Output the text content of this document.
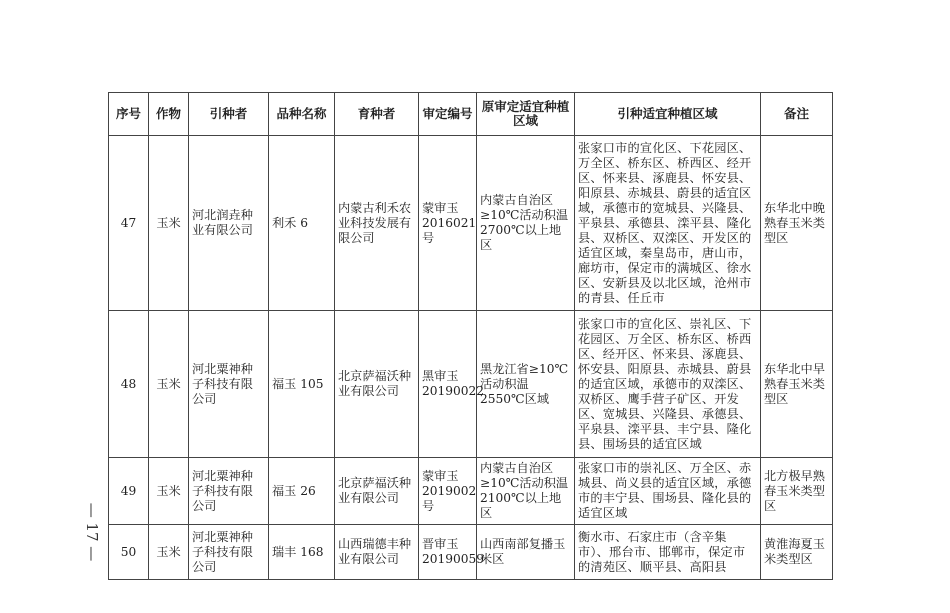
— 17 —
序号	作物	引种者	品种名称	育种者	审定编号	原审定适宜种植区域	引种适宜种植区域	备注
47	玉米	河北润垚种业有限公司	利禾 6	内蒙古利禾农业科技发展有限公司	蒙审玉2016021号	内蒙古自治区≥10℃活动积温2700℃以上地区	张家口市的宣化区、下花园区、万全区、桥东区、桥西区、经开区、怀来县、涿鹿县、怀安县、阳原县、赤城县、蔚县的适宜区域，承德市的宽城县、兴隆县、平泉县、承德县、滦平县、隆化县、双桥区、双滦区、开发区的适宜区域，秦皇岛市，唐山市，廊坊市，保定市的满城区、徐水区、安新县及以北区域，沧州市的青县、任丘市	东华北中晚熟春玉米类型区
48	玉米	河北粟神种子科技有限公司	福玉 105	北京萨福沃种业有限公司	黑审玉20190022	黑龙江省≥10℃活动积温2550℃区域	张家口市的宣化区、崇礼区、下花园区、万全区、桥东区、桥西区、经开区、怀来县、涿鹿县、怀安县、阳原县、赤城县、蔚县的适宜区域，承德市的双滦区、双桥区、鹰手营子矿区、开发区、宽城县、兴隆县、承德县、平泉县、滦平县、丰宁县、隆化县、围场县的适宜区域	东华北中早熟春玉米类型区
49	玉米	河北粟神种子科技有限公司	福玉 26	北京萨福沃种业有限公司	蒙审玉2019002号	内蒙古自治区≥10℃活动积温2100℃以上地区	张家口市的崇礼区、万全区、赤城县、尚义县的适宜区域，承德市的丰宁县、围场县、隆化县的适宜区域	北方极早熟春玉米类型区
50	玉米	河北粟神种子科技有限公司	瑞丰 168	山西瑞德丰种业有限公司	晋审玉20190059	山西南部复播玉米区	衡水市、石家庄市（含辛集市）、邢台市、邯郸市，保定市的清苑区、顺平县、高阳县	黄淮海夏玉米类型区
